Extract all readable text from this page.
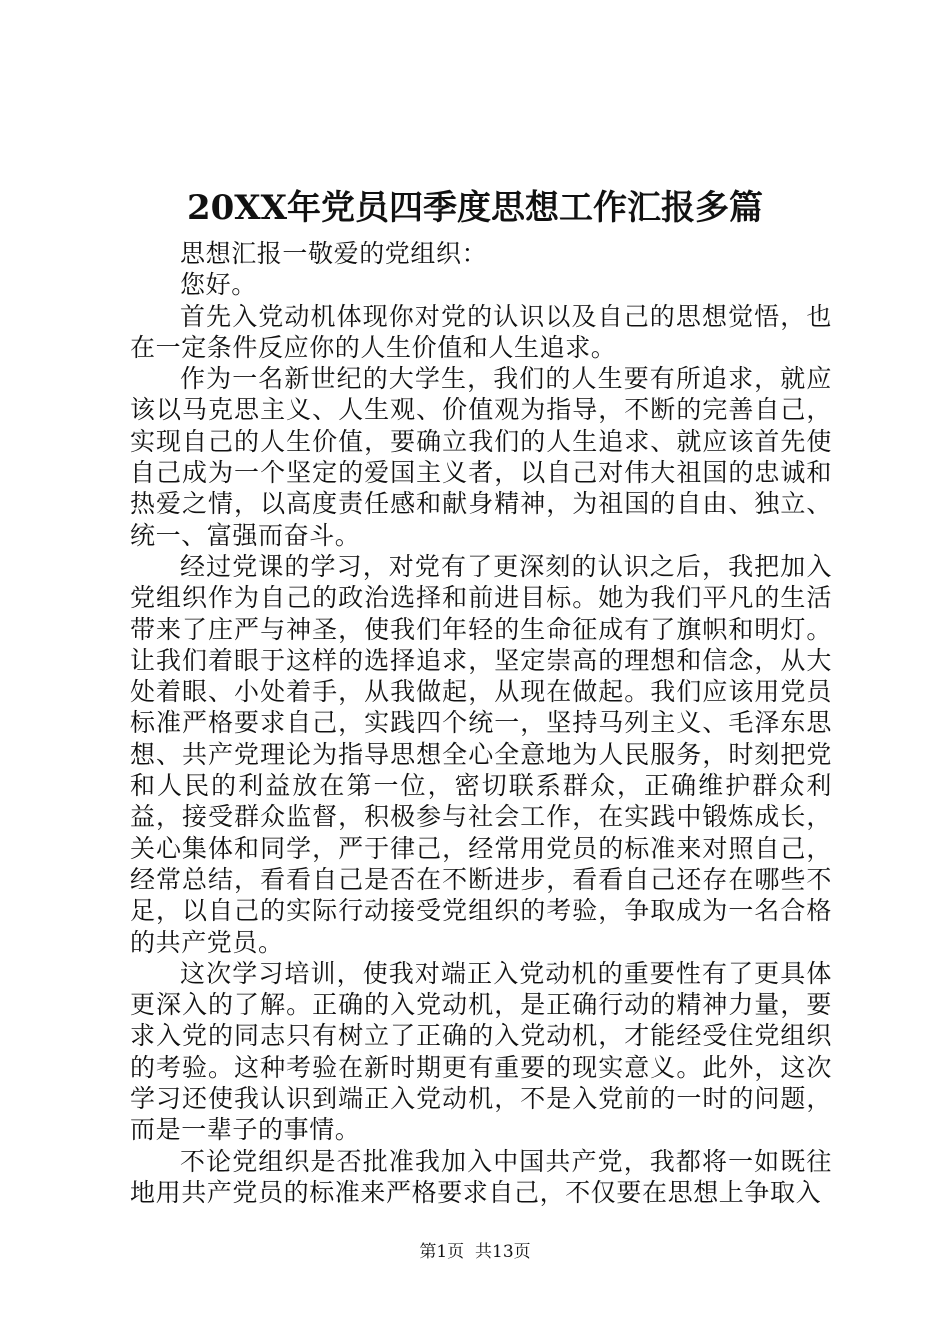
20XX年党员四季度思想工作汇报多篇

思想汇报一敬爱的党组织：

您好。

首先入党动机体现你对党的认识以及自己的思想觉悟，也在一定条件反应你的人生价值和人生追求。

作为一名新世纪的大学生，我们的人生要有所追求，就应该以马克思主义、人生观、价值观为指导，不断的完善自己，实现自己的人生价值，要确立我们的人生追求、就应该首先使自己成为一个坚定的爱国主义者，以自己对伟大祖国的忠诚和热爱之情，以高度责任感和献身精神，为祖国的自由、独立、统一、富强而奋斗。

经过党课的学习，对党有了更深刻的认识之后，我把加入党组织作为自己的政治选择和前进目标。她为我们平凡的生活带来了庄严与神圣，使我们年轻的生命征成有了旗帜和明灯。让我们着眼于这样的选择追求，坚定崇高的理想和信念，从大处着眼、小处着手，从我做起，从现在做起。我们应该用党员标准严格要求自己，实践四个统一，坚持马列主义、毛泽东思想、共产党理论为指导思想全心全意地为人民服务，时刻把党和人民的利益放在第一位，密切联系群众，正确维护群众利益，接受群众监督，积极参与社会工作，在实践中锻炼成长，关心集体和同学，严于律己，经常用党员的标准来对照自己，经常总结，看看自己是否在不断进步，看看自己还存在哪些不足，以自己的实际行动接受党组织的考验，争取成为一名合格的共产党员。

这次学习培训，使我对端正入党动机的重要性有了更具体更深入的了解。正确的入党动机，是正确行动的精神力量，要求入党的同志只有树立了正确的入党动机，才能经受住党组织的考验。这种考验在新时期更有重要的现实意义。此外，这次学习还使我认识到端正入党动机，不是入党前的一时的问题，而是一辈子的事情。

不论党组织是否批准我加入中国共产党，我都将一如既往地用共产党员的标准来严格要求自己，不仅要在思想上争取入

第1页 共13页
